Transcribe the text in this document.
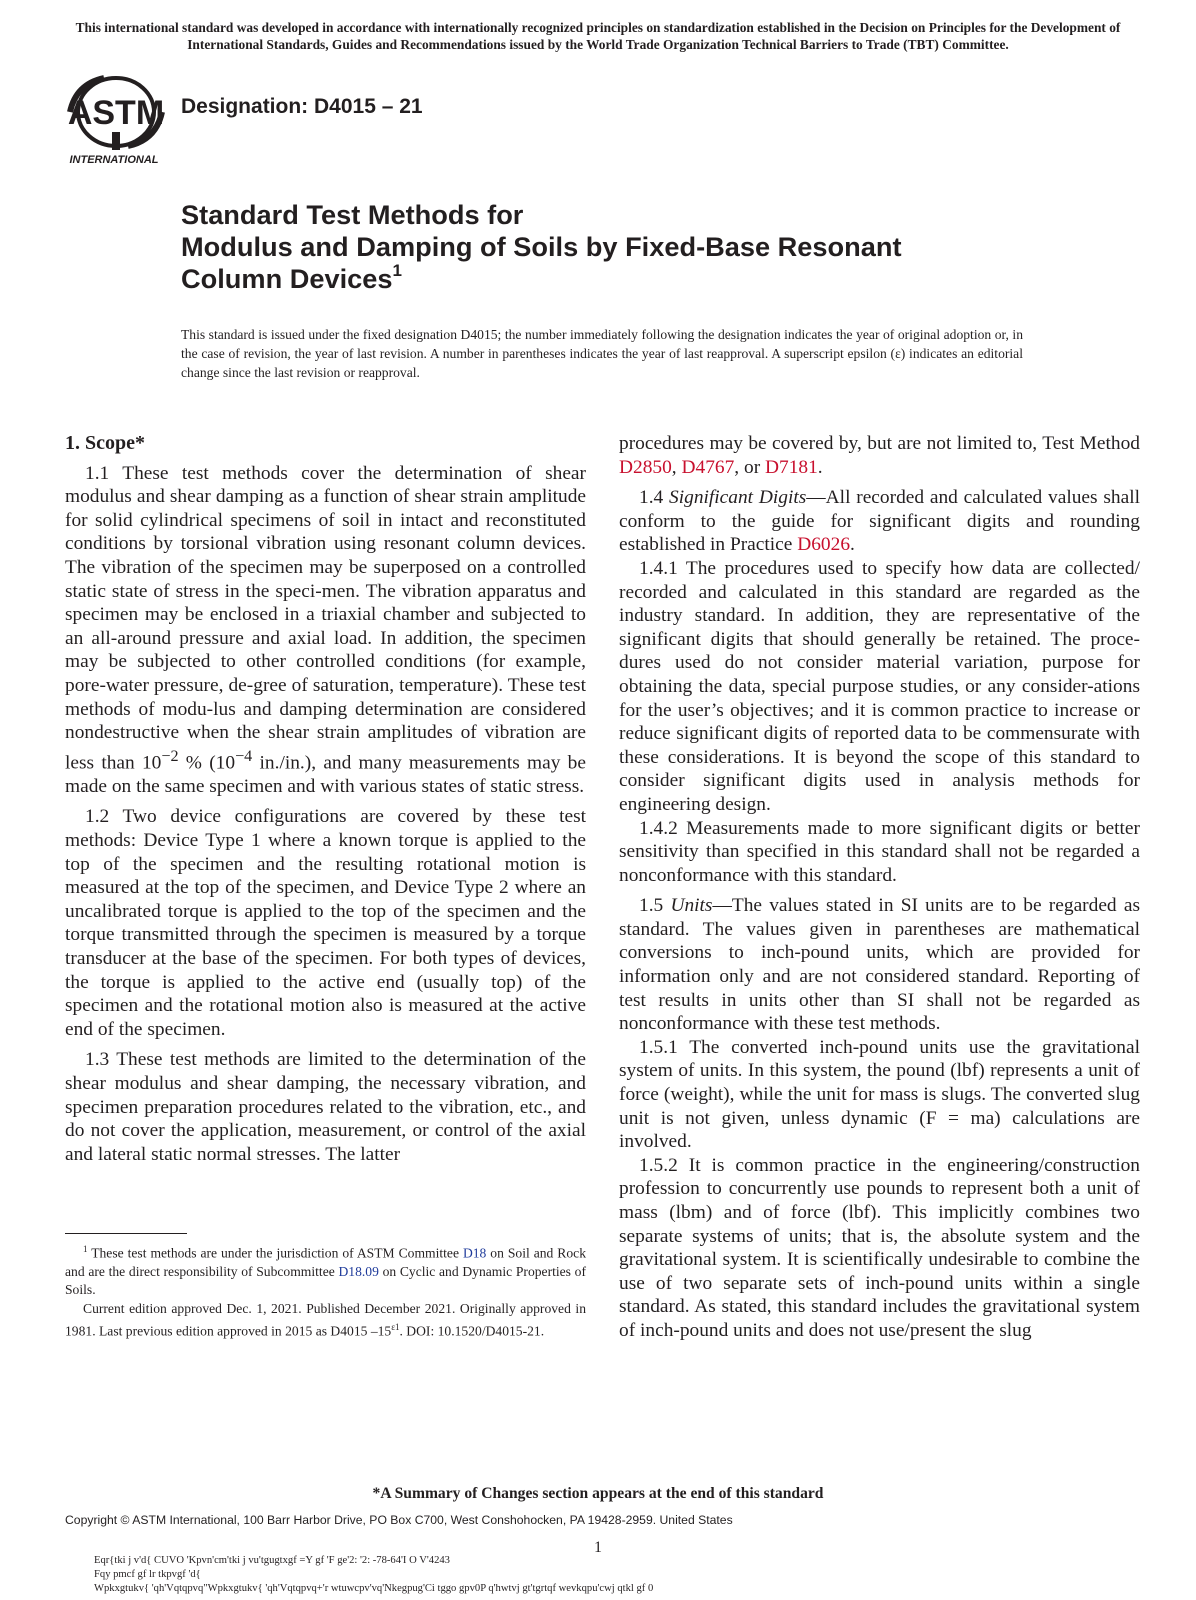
This international standard was developed in accordance with internationally recognized principles on standardization established in the Decision on Principles for the Development of International Standards, Guides and Recommendations issued by the World Trade Organization Technical Barriers to Trade (TBT) Committee.
ASTM
INTERNATIONAL
Designation: D4015 – 21
Standard Test Methods for
Modulus and Damping of Soils by Fixed-Base Resonant
Column Devices$^1$
This standard is issued under the fixed designation D4015; the number immediately following the designation indicates the year of original adoption or, in the case of revision, the year of last revision. A number in parentheses indicates the year of last reapproval. A superscript epsilon (ε) indicates an editorial change since the last revision or reapproval.
1. Scope*

1.1 These test methods cover the determination of shear modulus and shear damping as a function of shear strain amplitude for solid cylindrical specimens of soil in intact and reconstituted conditions by torsional vibration using resonant column devices. The vibration of the specimen may be superposed on a controlled static state of stress in the speci-men. The vibration apparatus and specimen may be enclosed in a triaxial chamber and subjected to an all-around pressure and axial load. In addition, the specimen may be subjected to other controlled conditions (for example, pore-water pressure, de-gree of saturation, temperature). These test methods of modu-lus and damping determination are considered nondestructive when the shear strain amplitudes of vibration are less than $10^{-2}$ % ($10^{-4}$ in./in.), and many measurements may be made on the same specimen and with various states of static stress.

1.2 Two device configurations are covered by these test methods: Device Type 1 where a known torque is applied to the top of the specimen and the resulting rotational motion is measured at the top of the specimen, and Device Type 2 where an uncalibrated torque is applied to the top of the specimen and the torque transmitted through the specimen is measured by a torque transducer at the base of the specimen. For both types of devices, the torque is applied to the active end (usually top) of the specimen and the rotational motion also is measured at the active end of the specimen.

1.3 These test methods are limited to the determination of the shear modulus and shear damping, the necessary vibration, and specimen preparation procedures related to the vibration, etc., and do not cover the application, measurement, or control of the axial and lateral static normal stresses. The latter

procedures may be covered by, but are not limited to, Test Method D2850, D4767, or D7181.

1.4 Significant Digits—All recorded and calculated values shall conform to the guide for significant digits and rounding established in Practice D6026.

1.4.1 The procedures used to specify how data are collected/ recorded and calculated in this standard are regarded as the industry standard. In addition, they are representative of the significant digits that should generally be retained. The proce-dures used do not consider material variation, purpose for obtaining the data, special purpose studies, or any consider-ations for the user’s objectives; and it is common practice to increase or reduce significant digits of reported data to be commensurate with these considerations. It is beyond the scope of this standard to consider significant digits used in analysis methods for engineering design.

1.4.2 Measurements made to more significant digits or better sensitivity than specified in this standard shall not be regarded a nonconformance with this standard.

1.5 Units—The values stated in SI units are to be regarded as standard. The values given in parentheses are mathematical conversions to inch-pound units, which are provided for information only and are not considered standard. Reporting of test results in units other than SI shall not be regarded as nonconformance with these test methods.

1.5.1 The converted inch-pound units use the gravitational system of units. In this system, the pound (lbf) represents a unit of force (weight), while the unit for mass is slugs. The converted slug unit is not given, unless dynamic (F = ma) calculations are involved.

1.5.2 It is common practice in the engineering/construction profession to concurrently use pounds to represent both a unit of mass (lbm) and of force (lbf). This implicitly combines two separate systems of units; that is, the absolute system and the gravitational system. It is scientifically undesirable to combine the use of two separate sets of inch-pound units within a single standard. As stated, this standard includes the gravitational system of inch-pound units and does not use/present the slug

$^1$ These test methods are under the jurisdiction of ASTM Committee D18 on Soil and Rock and are the direct responsibility of Subcommittee D18.09 on Cyclic and Dynamic Properties of Soils.

Current edition approved Dec. 1, 2021. Published December 2021. Originally approved in 1981. Last previous edition approved in 2015 as D4015 $-15^{\varepsilon 1}$. DOI: 10.1520/D4015-21.

*A Summary of Changes section appears at the end of this standard
Copyright © ASTM International, 100 Barr Harbor Drive, PO Box C700, West Conshohocken, PA 19428-2959. United States
1
Eqr{tki j v'd{ CUVO 'Kpvn'cm'tki j vu'tgugtxgf =Y gf 'F ge'2: '2: -78-64'I O V'4243
Fqy pmcf gf lr tkpvgf 'd{
Wpkxgtukv{ 'qh'Vqtqpvq"Wpkxgtukv{ 'qh'Vqtqpvq+'r wtuwcpv'vq'Nkegpug'Ci tggo gpv0P q'hwtvj gt'tgrtqf wevkqpu'cwj qtkl gf 0
